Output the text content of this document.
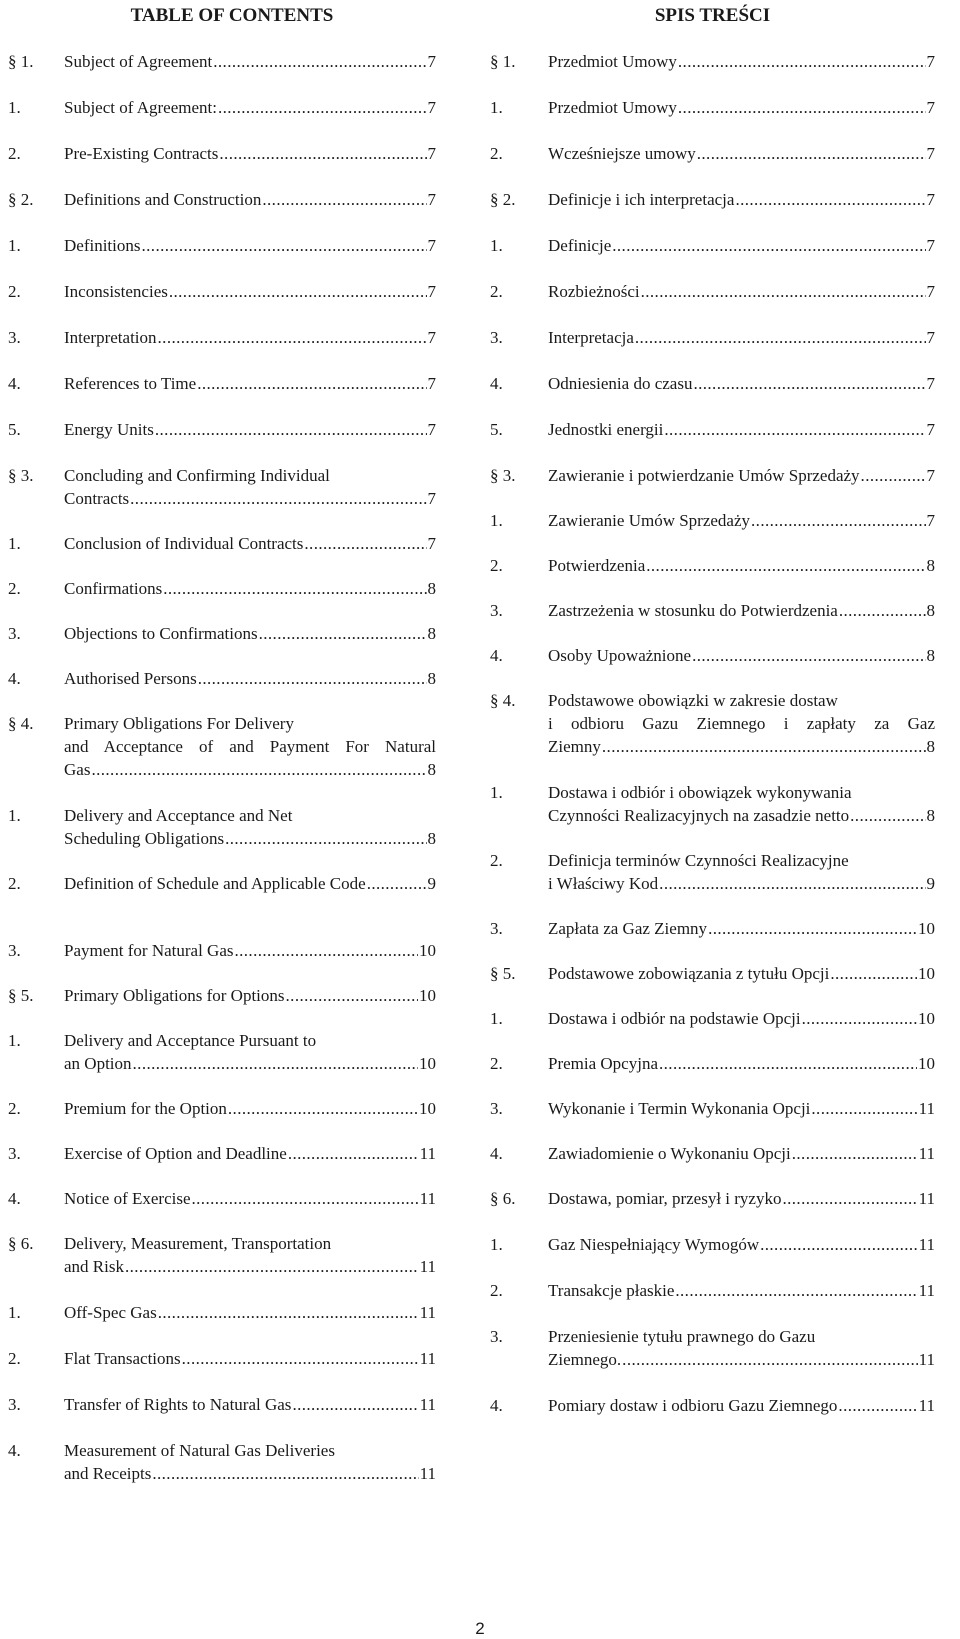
TABLE OF CONTENTS
§ 1.	Subject of Agreement .....	7
1.	Subject of Agreement: .....	7
2.	Pre-Existing Contracts .....	7
§ 2.	Definitions and Construction .....	7
1.	Definitions .....	7
2.	Inconsistencies .....	7
3.	Interpretation .....	7
4.	References to Time .....	7
5.	Energy Units .....	7
§ 3.	Concluding and Confirming Individual
Contracts .....	7
1.	Conclusion of Individual Contracts .....	7
2.	Confirmations .....	8
3.	Objections to Confirmations .....	8
4.	Authorised Persons .....	8
§ 4.	Primary Obligations For Delivery
and Acceptance of and Payment For Natural
Gas .....	8
1.	Delivery and Acceptance and Net
Scheduling Obligations .....	8
2.	Definition of Schedule and Applicable Code .....	9
3.	Payment for Natural Gas .....	10
§ 5.	Primary Obligations for Options .....	10
1.	Delivery and Acceptance Pursuant to
an Option .....	10
2.	Premium for the Option .....	10
3.	Exercise of Option and Deadline .....	11
4.	Notice of Exercise .....	11
§ 6.	Delivery, Measurement, Transportation
and Risk .....	11
1.	Off-Spec Gas .....	11
2.	Flat Transactions .....	11
3.	Transfer of Rights to Natural Gas .....	11
4.	Measurement of Natural Gas Deliveries
and Receipts .....	11
SPIS TREŚCI
§ 1.	Przedmiot Umowy .....	7
1.	Przedmiot Umowy .....	7
2.	Wcześniejsze umowy .....	7
§ 2.	Definicje i ich interpretacja .....	7
1.	Definicje .....	7
2.	Rozbieżności .....	7
3.	Interpretacja .....	7
4.	Odniesienia do czasu .....	7
5.	Jednostki energii .....	7
§ 3.	Zawieranie i potwierdzanie Umów Sprzedaży .....	7
1.	Zawieranie Umów Sprzedaży .....	7
2.	Potwierdzenia .....	8
3.	Zastrzeżenia w stosunku do Potwierdzenia .....	8
4.	Osoby Upoważnione .....	8
§ 4.	Podstawowe obowiązki w zakresie dostaw
i odbioru Gazu Ziemnego i zapłaty za Gaz
Ziemny .....	8
1.	Dostawa i odbiór i obowiązek wykonywania
Czynności Realizacyjnych na zasadzie netto .....	8
2.	Definicja terminów Czynności Realizacyjne
i Właściwy Kod .....	9
3.	Zapłata za Gaz Ziemny .....	10
§ 5.	Podstawowe zobowiązania z tytułu Opcji .....	10
1.	Dostawa i odbiór na podstawie Opcji .....	10
2.	Premia Opcyjna .....	10
3.	Wykonanie i Termin Wykonania Opcji .....	11
4.	Zawiadomienie o Wykonaniu Opcji .....	11
§ 6.	Dostawa, pomiar, przesył i ryzyko .....	11
1.	Gaz Niespełniający Wymogów .....	11
2.	Transakcje płaskie .....	11
3.	Przeniesienie tytułu prawnego do Gazu
Ziemnego. .....	11
4.	Pomiary dostaw i odbioru Gazu Ziemnego .....	11
2
